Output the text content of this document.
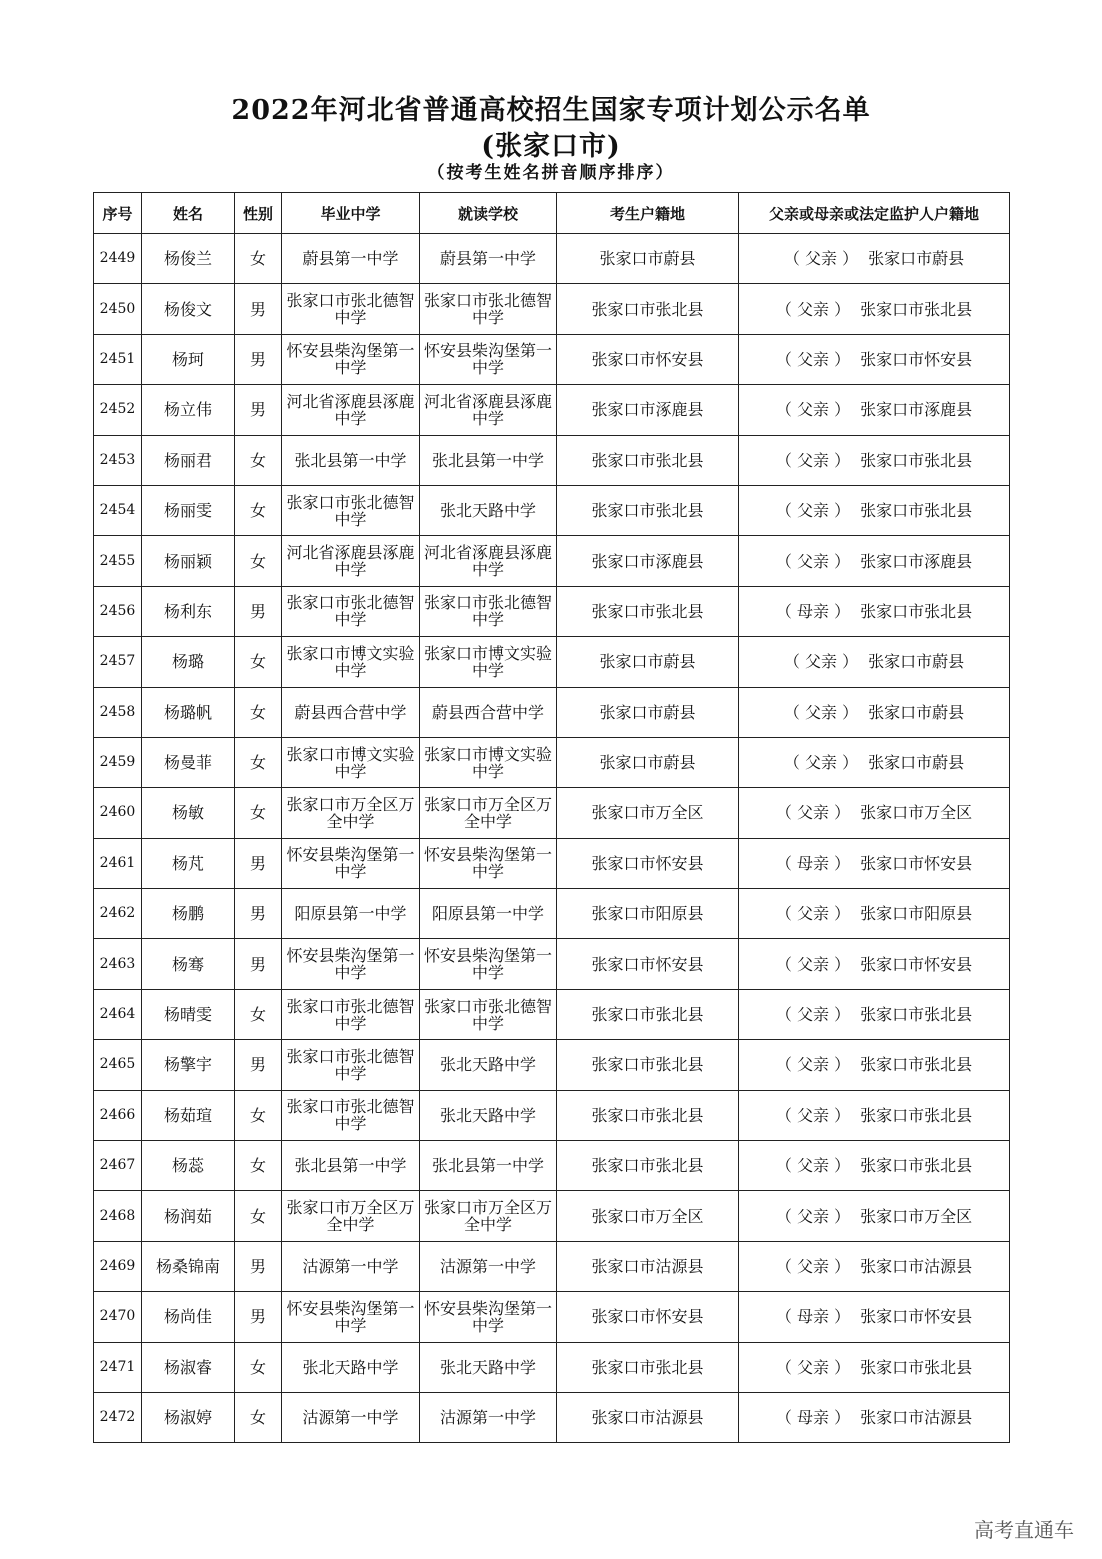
2022年河北省普通高校招生国家专项计划公示名单
(张家口市)
（按考生姓名拼音顺序排序）
序号	姓名	性别	毕业中学	就读学校	考生户籍地	父亲或母亲或法定监护人户籍地
2449	杨俊兰	女	蔚县第一中学	蔚县第一中学	张家口市蔚县	（ 父亲 ） 张家口市蔚县
2450	杨俊文	男	张家口市张北德智中学	张家口市张北德智中学	张家口市张北县	（ 父亲 ） 张家口市张北县
2451	杨珂	男	怀安县柴沟堡第一中学	怀安县柴沟堡第一中学	张家口市怀安县	（ 父亲 ） 张家口市怀安县
2452	杨立伟	男	河北省涿鹿县涿鹿中学	河北省涿鹿县涿鹿中学	张家口市涿鹿县	（ 父亲 ） 张家口市涿鹿县
2453	杨丽君	女	张北县第一中学	张北县第一中学	张家口市张北县	（ 父亲 ） 张家口市张北县
2454	杨丽雯	女	张家口市张北德智中学	张北天路中学	张家口市张北县	（ 父亲 ） 张家口市张北县
2455	杨丽颖	女	河北省涿鹿县涿鹿中学	河北省涿鹿县涿鹿中学	张家口市涿鹿县	（ 父亲 ） 张家口市涿鹿县
2456	杨利东	男	张家口市张北德智中学	张家口市张北德智中学	张家口市张北县	（ 母亲 ） 张家口市张北县
2457	杨璐	女	张家口市博文实验中学	张家口市博文实验中学	张家口市蔚县	（ 父亲 ） 张家口市蔚县
2458	杨璐帆	女	蔚县西合营中学	蔚县西合营中学	张家口市蔚县	（ 父亲 ） 张家口市蔚县
2459	杨曼菲	女	张家口市博文实验中学	张家口市博文实验中学	张家口市蔚县	（ 父亲 ） 张家口市蔚县
2460	杨敏	女	张家口市万全区万全中学	张家口市万全区万全中学	张家口市万全区	（ 父亲 ） 张家口市万全区
2461	杨芃	男	怀安县柴沟堡第一中学	怀安县柴沟堡第一中学	张家口市怀安县	（ 母亲 ） 张家口市怀安县
2462	杨鹏	男	阳原县第一中学	阳原县第一中学	张家口市阳原县	（ 父亲 ） 张家口市阳原县
2463	杨骞	男	怀安县柴沟堡第一中学	怀安县柴沟堡第一中学	张家口市怀安县	（ 父亲 ） 张家口市怀安县
2464	杨晴雯	女	张家口市张北德智中学	张家口市张北德智中学	张家口市张北县	（ 父亲 ） 张家口市张北县
2465	杨擎宇	男	张家口市张北德智中学	张北天路中学	张家口市张北县	（ 父亲 ） 张家口市张北县
2466	杨茹瑄	女	张家口市张北德智中学	张北天路中学	张家口市张北县	（ 父亲 ） 张家口市张北县
2467	杨蕊	女	张北县第一中学	张北县第一中学	张家口市张北县	（ 父亲 ） 张家口市张北县
2468	杨润茹	女	张家口市万全区万全中学	张家口市万全区万全中学	张家口市万全区	（ 父亲 ） 张家口市万全区
2469	杨桑锦南	男	沽源第一中学	沽源第一中学	张家口市沽源县	（ 父亲 ） 张家口市沽源县
2470	杨尚佳	男	怀安县柴沟堡第一中学	怀安县柴沟堡第一中学	张家口市怀安县	（ 母亲 ） 张家口市怀安县
2471	杨淑睿	女	张北天路中学	张北天路中学	张家口市张北县	（ 父亲 ） 张家口市张北县
2472	杨淑婷	女	沽源第一中学	沽源第一中学	张家口市沽源县	（ 母亲 ） 张家口市沽源县
高考直通车
